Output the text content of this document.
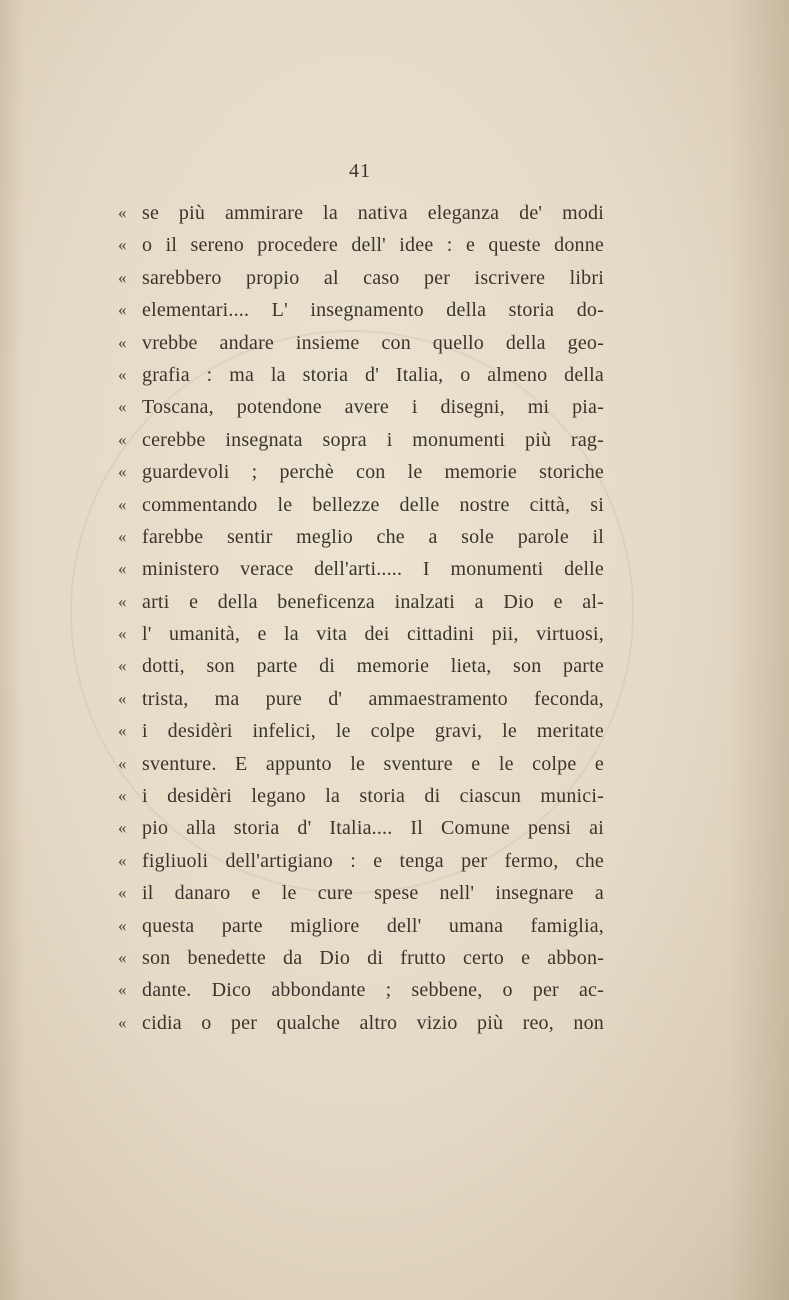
41
« se più ammirare la nativa eleganza de' modi
« o il sereno procedere dell' idee : e queste donne
« sarebbero propio al caso per iscrivere libri
« elementari.... L' insegnamento della storia do-
« vrebbe andare insieme con quello della geo-
« grafia : ma la storia d' Italia, o almeno della
« Toscana, potendone avere i disegni, mi pia-
« cerebbe insegnata sopra i monumenti più rag-
« guardevoli ; perchè con le memorie storiche
« commentando le bellezze delle nostre città, si
« farebbe sentir meglio che a sole parole il
« ministero verace dell'arti..... I monumenti delle
« arti e della beneficenza inalzati a Dio e al-
« l' umanità, e la vita dei cittadini pii, virtuosi,
« dotti, son parte di memorie lieta, son parte
« trista, ma pure d' ammaestramento feconda,
« i desidèri infelici, le colpe gravi, le meritate
« sventure. E appunto le sventure e le colpe e
« i desidèri legano la storia di ciascun munici-
« pio alla storia d' Italia.... Il Comune pensi ai
« figliuoli dell'artigiano : e tenga per fermo, che
« il danaro e le cure spese nell' insegnare a
« questa parte migliore dell' umana famiglia,
« son benedette da Dio di frutto certo e abbon-
« dante. Dico abbondante ; sebbene, o per ac-
« cidia o per qualche altro vizio più reo, non
